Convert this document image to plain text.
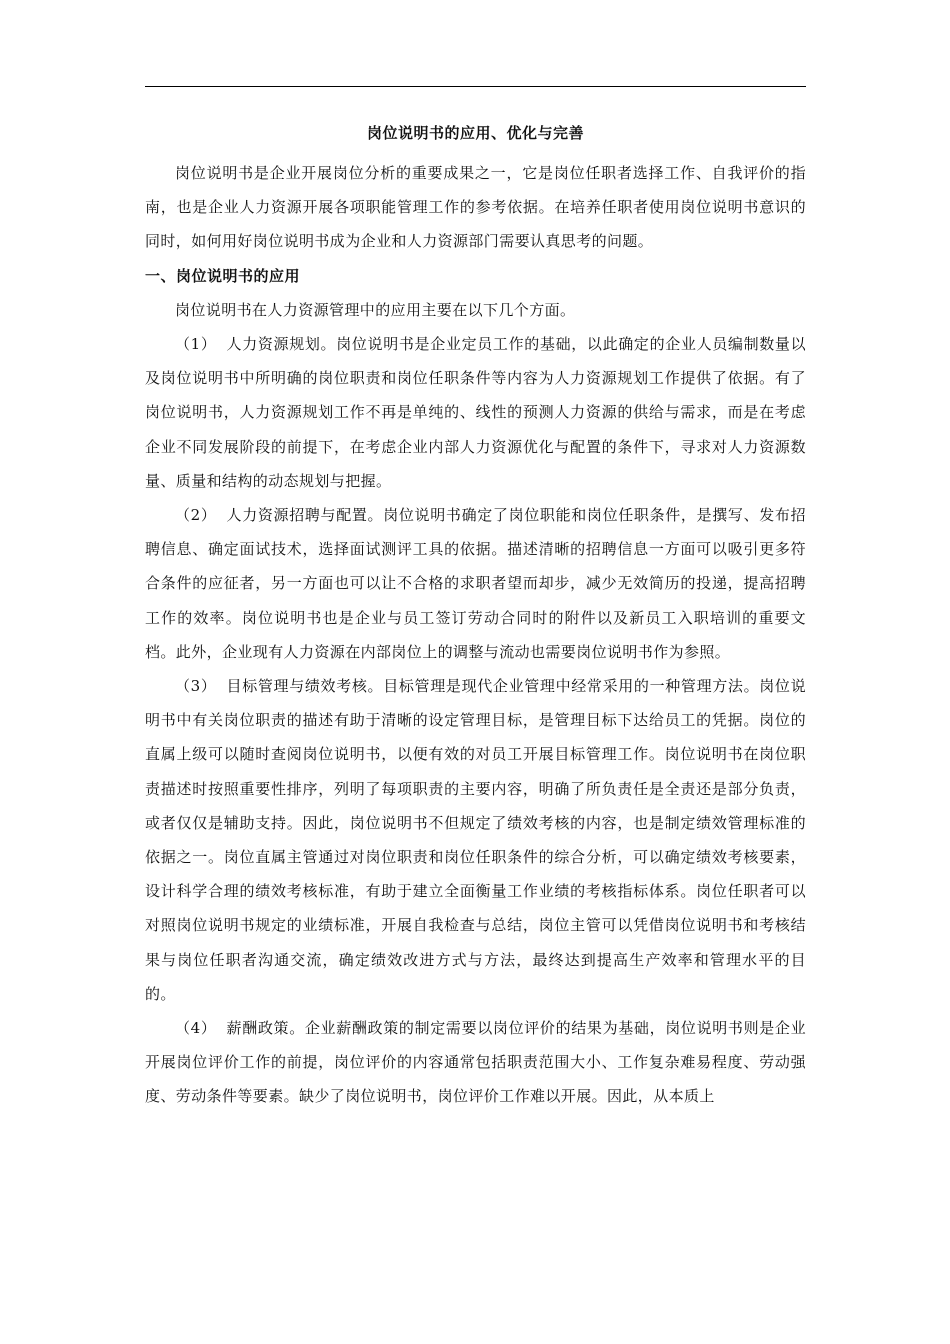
岗位说明书的应用、优化与完善

岗位说明书是企业开展岗位分析的重要成果之一，它是岗位任职者选择工作、自我评价的指南，也是企业人力资源开展各项职能管理工作的参考依据。在培养任职者使用岗位说明书意识的同时，如何用好岗位说明书成为企业和人力资源部门需要认真思考的问题。

一、岗位说明书的应用

岗位说明书在人力资源管理中的应用主要在以下几个方面。

（1） 人力资源规划。岗位说明书是企业定员工作的基础，以此确定的企业人员编制数量以及岗位说明书中所明确的岗位职责和岗位任职条件等内容为人力资源规划工作提供了依据。有了岗位说明书，人力资源规划工作不再是单纯的、线性的预测人力资源的供给与需求，而是在考虑企业不同发展阶段的前提下，在考虑企业内部人力资源优化与配置的条件下，寻求对人力资源数量、质量和结构的动态规划与把握。

（2） 人力资源招聘与配置。岗位说明书确定了岗位职能和岗位任职条件，是撰写、发布招聘信息、确定面试技术，选择面试测评工具的依据。描述清晰的招聘信息一方面可以吸引更多符合条件的应征者，另一方面也可以让不合格的求职者望而却步，减少无效简历的投递，提高招聘工作的效率。岗位说明书也是企业与员工签订劳动合同时的附件以及新员工入职培训的重要文档。此外，企业现有人力资源在内部岗位上的调整与流动也需要岗位说明书作为参照。

（3） 目标管理与绩效考核。目标管理是现代企业管理中经常采用的一种管理方法。岗位说明书中有关岗位职责的描述有助于清晰的设定管理目标，是管理目标下达给员工的凭据。岗位的直属上级可以随时查阅岗位说明书，以便有效的对员工开展目标管理工作。岗位说明书在岗位职责描述时按照重要性排序，列明了每项职责的主要内容，明确了所负责任是全责还是部分负责，或者仅仅是辅助支持。因此，岗位说明书不但规定了绩效考核的内容，也是制定绩效管理标准的依据之一。岗位直属主管通过对岗位职责和岗位任职条件的综合分析，可以确定绩效考核要素，设计科学合理的绩效考核标准，有助于建立全面衡量工作业绩的考核指标体系。岗位任职者可以对照岗位说明书规定的业绩标准，开展自我检查与总结，岗位主管可以凭借岗位说明书和考核结果与岗位任职者沟通交流，确定绩效改进方式与方法，最终达到提高生产效率和管理水平的目的。

（4） 薪酬政策。企业薪酬政策的制定需要以岗位评价的结果为基础，岗位说明书则是企业开展岗位评价工作的前提，岗位评价的内容通常包括职责范围大小、工作复杂难易程度、劳动强度、劳动条件等要素。缺少了岗位说明书，岗位评价工作难以开展。因此，从本质上
